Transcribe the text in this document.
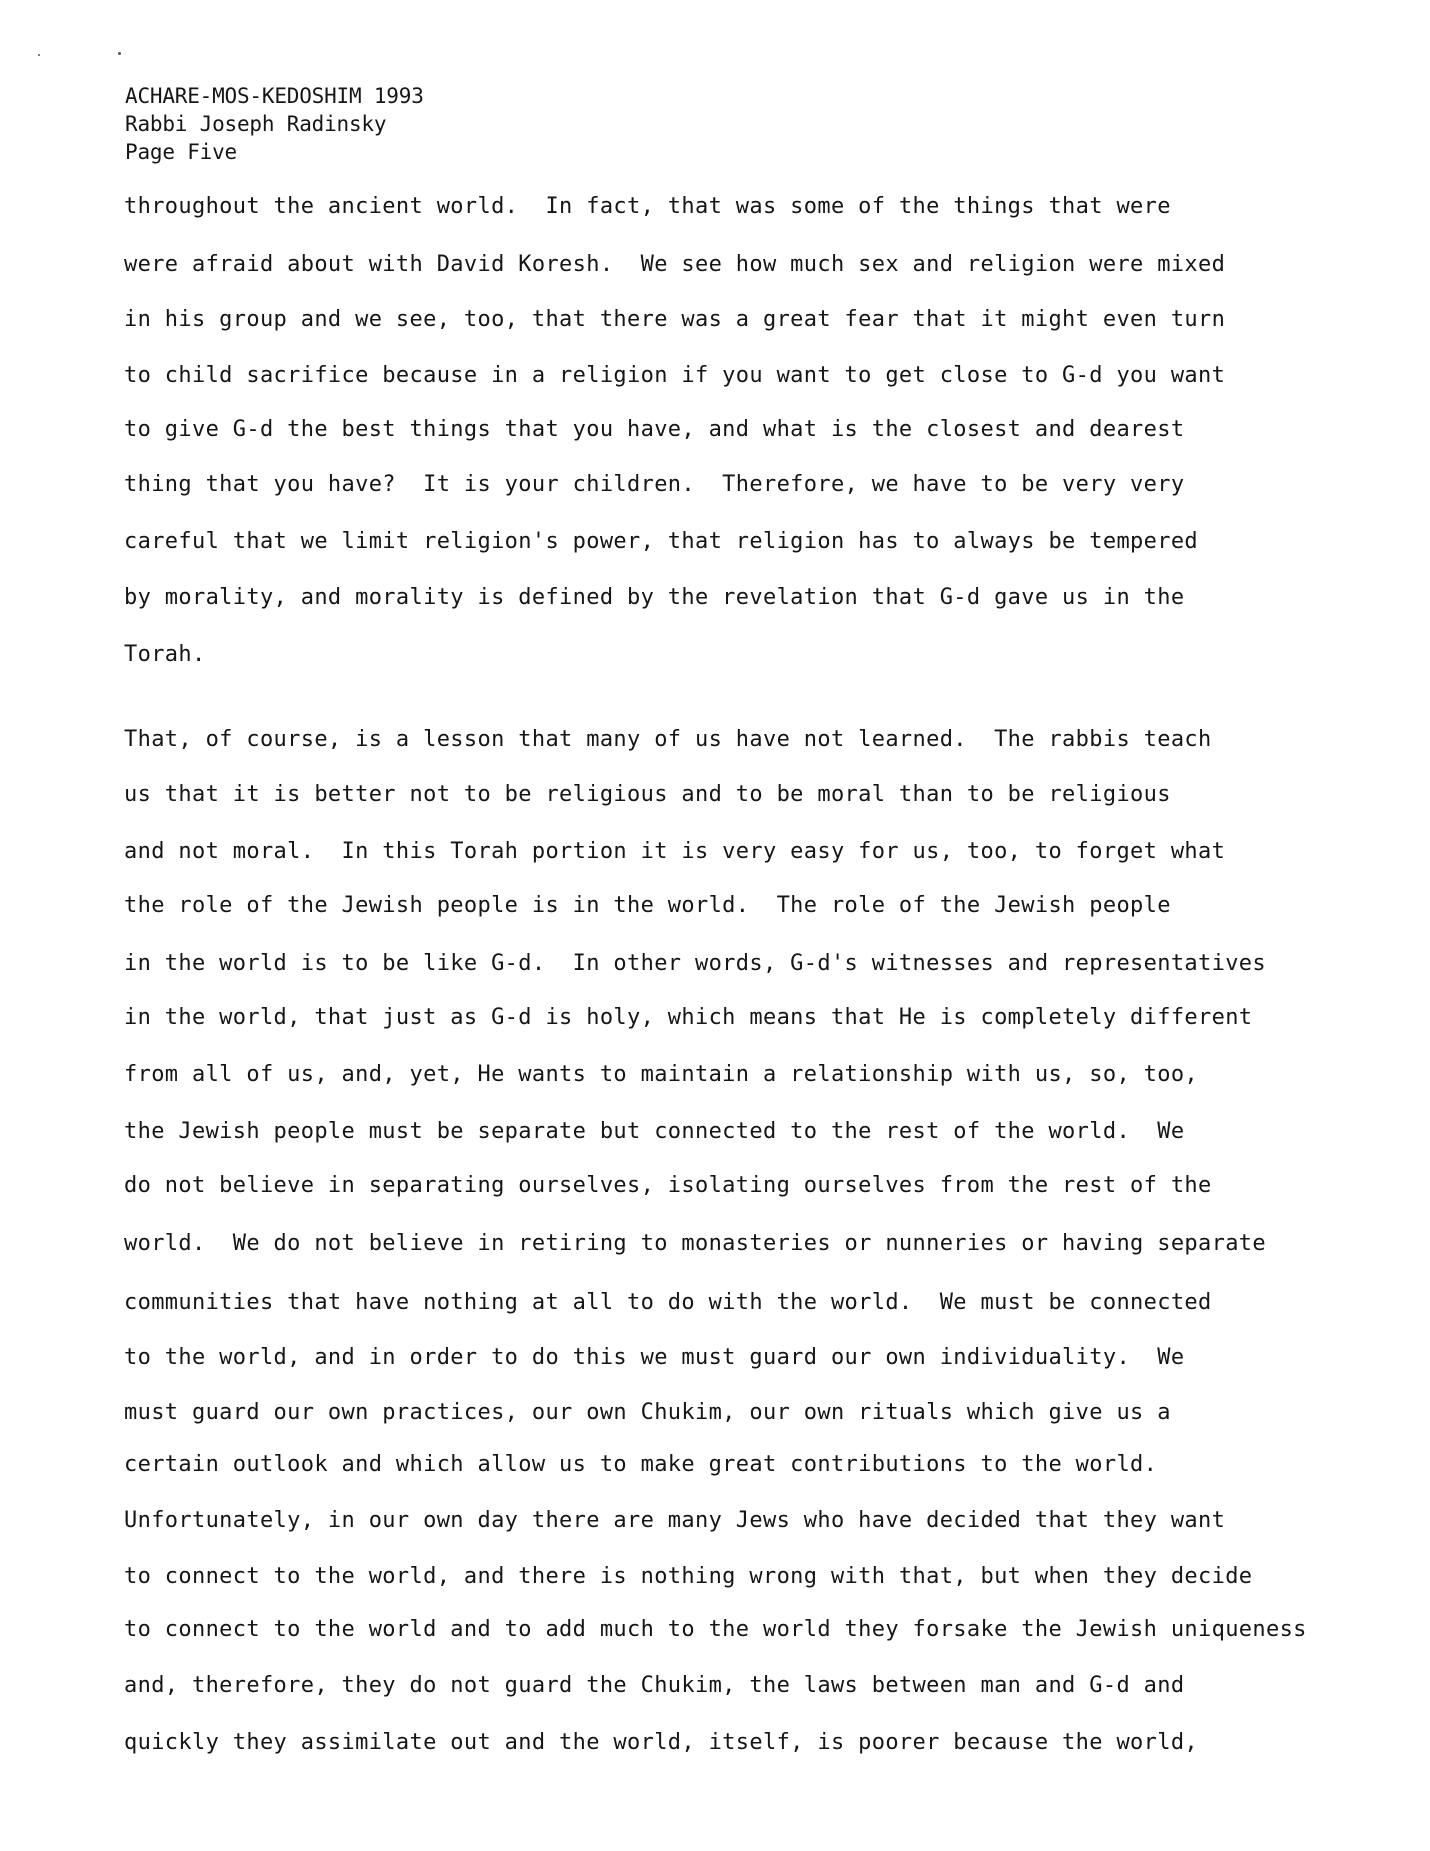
ACHARE-MOS-KEDOSHIM 1993
Rabbi Joseph Radinsky
Page Five
throughout the ancient world.  In fact, that was some of the things that were
were afraid about with David Koresh.  We see how much sex and religion were mixed
in his group and we see, too, that there was a great fear that it might even turn
to child sacrifice because in a religion if you want to get close to G-d you want
to give G-d the best things that you have, and what is the closest and dearest
thing that you have?  It is your children.  Therefore, we have to be very very
careful that we limit religion's power, that religion has to always be tempered
by morality, and morality is defined by the revelation that G-d gave us in the
Torah.
That, of course, is a lesson that many of us have not learned.  The rabbis teach
us that it is better not to be religious and to be moral than to be religious
and not moral.  In this Torah portion it is very easy for us, too, to forget what
the role of the Jewish people is in the world.  The role of the Jewish people
in the world is to be like G-d.  In other words, G-d's witnesses and representatives
in the world, that just as G-d is holy, which means that He is completely different
from all of us, and, yet, He wants to maintain a relationship with us, so, too,
the Jewish people must be separate but connected to the rest of the world.  We
do not believe in separating ourselves, isolating ourselves from the rest of the
world.  We do not believe in retiring to monasteries or nunneries or having separate
communities that have nothing at all to do with the world.  We must be connected
to the world, and in order to do this we must guard our own individuality.  We
must guard our own practices, our own Chukim, our own rituals which give us a
certain outlook and which allow us to make great contributions to the world.
Unfortunately, in our own day there are many Jews who have decided that they want
to connect to the world, and there is nothing wrong with that, but when they decide
to connect to the world and to add much to the world they forsake the Jewish uniqueness
and, therefore, they do not guard the Chukim, the laws between man and G-d and
quickly they assimilate out and the world, itself, is poorer because the world,
